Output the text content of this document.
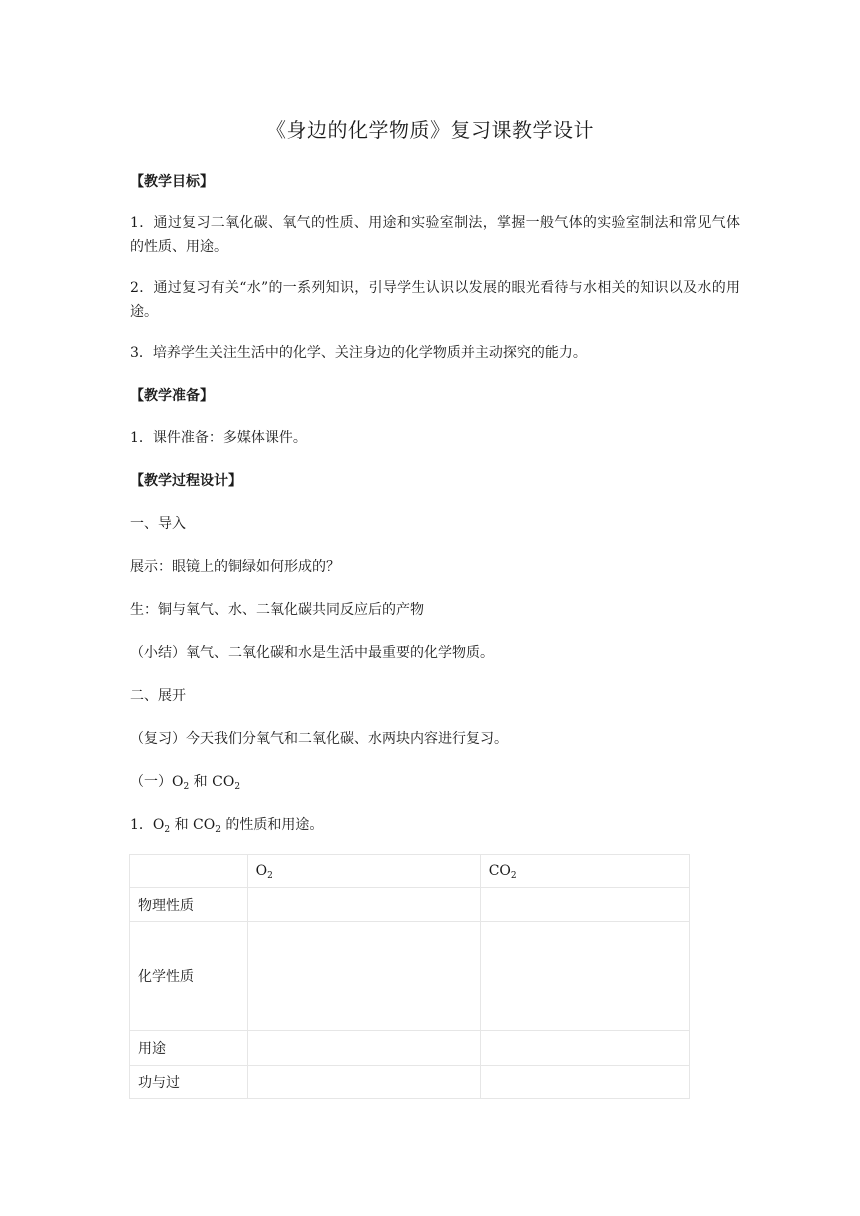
《身边的化学物质》复习课教学设计
【教学目标】
1．通过复习二氧化碳、氧气的性质、用途和实验室制法，掌握一般气体的实验室制法和常见气体的性质、用途。
2．通过复习有关“水”的一系列知识，引导学生认识以发展的眼光看待与水相关的知识以及水的用途。
3．培养学生关注生活中的化学、关注身边的化学物质并主动探究的能力。
【教学准备】
1．课件准备：多媒体课件。
【教学过程设计】
一、导入
展示：眼镜上的铜绿如何形成的？
生：铜与氧气、水、二氧化碳共同反应后的产物
（小结）氧气、二氧化碳和水是生活中最重要的化学物质。
二、展开
（复习）今天我们分氧气和二氧化碳、水两块内容进行复习。
（一）$O_2$ 和 $CO_2$
1．$O_2$ 和 $CO_2$ 的性质和用途。
	$O_2$	$CO_2$
物理性质		
化学性质		
用途		
功与过		
